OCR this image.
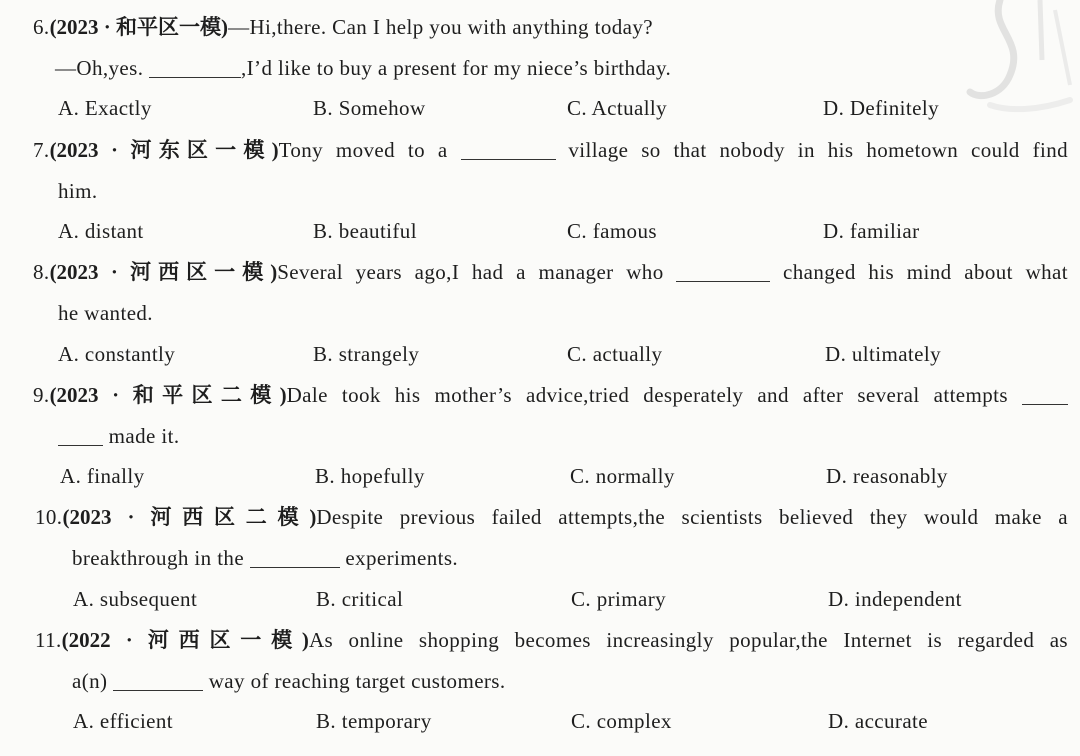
6.(2023 · 和平区一模)—Hi,there. Can I help you with anything today?
—Oh,yes.	,I’d like to buy a present for my niece’s birthday.
A. Exactly	B. Somehow	C. Actually	D. Definitely
7.(2023 · 河东区一模)Tony moved to a	village so that nobody in his hometown could find
him.
A. distant	B. beautiful	C. famous	D. familiar
8.(2023 · 河西区一模)Several years ago,I had a manager who	changed his mind about what
he wanted.
A. constantly	B. strangely	C. actually	D. ultimately
9.(2023 · 和平区二模)Dale took his mother’s advice,tried desperately and after several attempts
made it.
A. finally	B. hopefully	C. normally	D. reasonably
10.(2023 · 河西区二模)Despite previous failed attempts,the scientists believed they would make a
breakthrough in the	experiments.
A. subsequent	B. critical	C. primary	D. independent
11.(2022 · 河西区一模)As online shopping becomes increasingly popular,the Internet is regarded as
a(n)	way of reaching target customers.
A. efficient	B. temporary	C. complex	D. accurate
